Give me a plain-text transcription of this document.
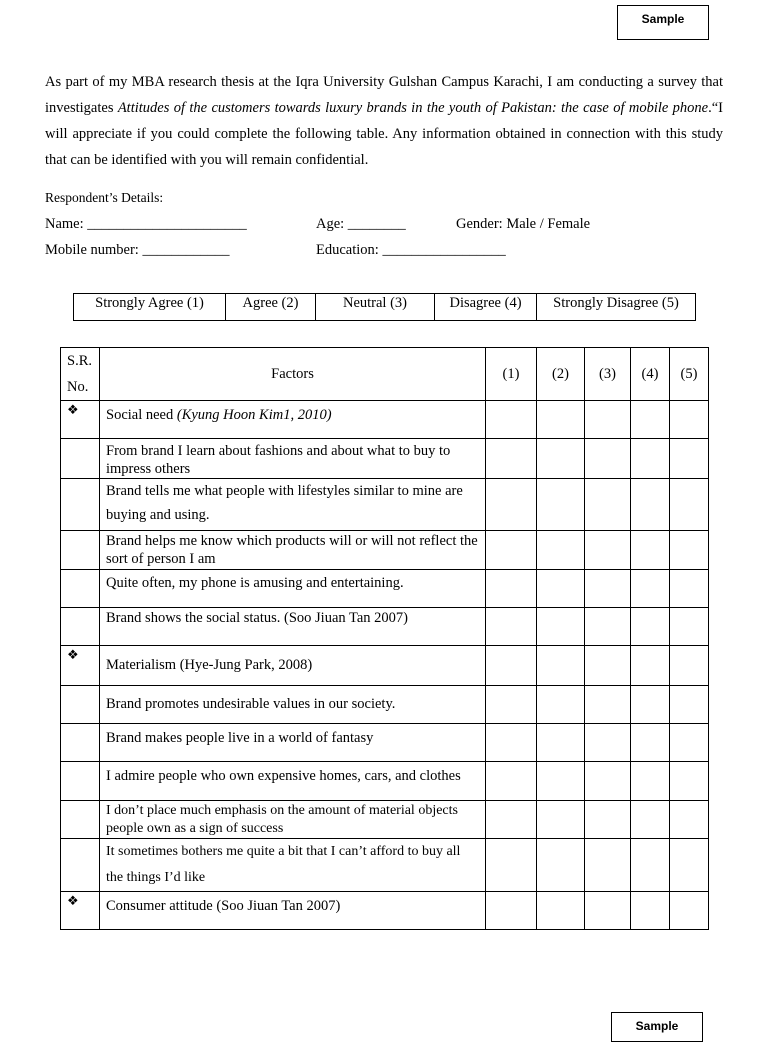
Sample
As part of my MBA research thesis at the Iqra University Gulshan Campus Karachi, I am conducting a survey that investigates Attitudes of the customers towards luxury brands in the youth of Pakistan: the case of mobile phone.“I will appreciate if you could complete the following table. Any information obtained in connection with this study that can be identified with you will remain confidential.
Respondent’s Details:
Name: ______________________	Age: ________	Gender: Male / Female
Mobile number: ____________	Education: _________________
Strongly Agree (1)	Agree (2)	Neutral (3)	Disagree (4)	Strongly Disagree (5)
S.R.
No.	Factors	(1)	(2)	(3)	(4)	(5)
❖	Social need (Kyung Hoon Kim1, 2010)					
	From brand I learn about fashions and about what to buy to impress others					
	Brand tells me what people with lifestyles similar to mine are buying and using.					
	Brand helps me know which products will or will not reflect the sort of person I am					
	Quite often, my phone is amusing and entertaining.					
	Brand shows the social status. (Soo Jiuan Tan 2007)					
❖	Materialism (Hye-Jung Park, 2008)					
	Brand promotes undesirable values in our society.					
	Brand makes people live in a world of fantasy					
	I admire people who own expensive homes, cars, and clothes					
	I don’t place much emphasis on the amount of material objects people own as a sign of success					
	It sometimes bothers me quite a bit that I can’t afford to buy all the things I’d like					
❖	Consumer attitude (Soo Jiuan Tan 2007)					
Sample
